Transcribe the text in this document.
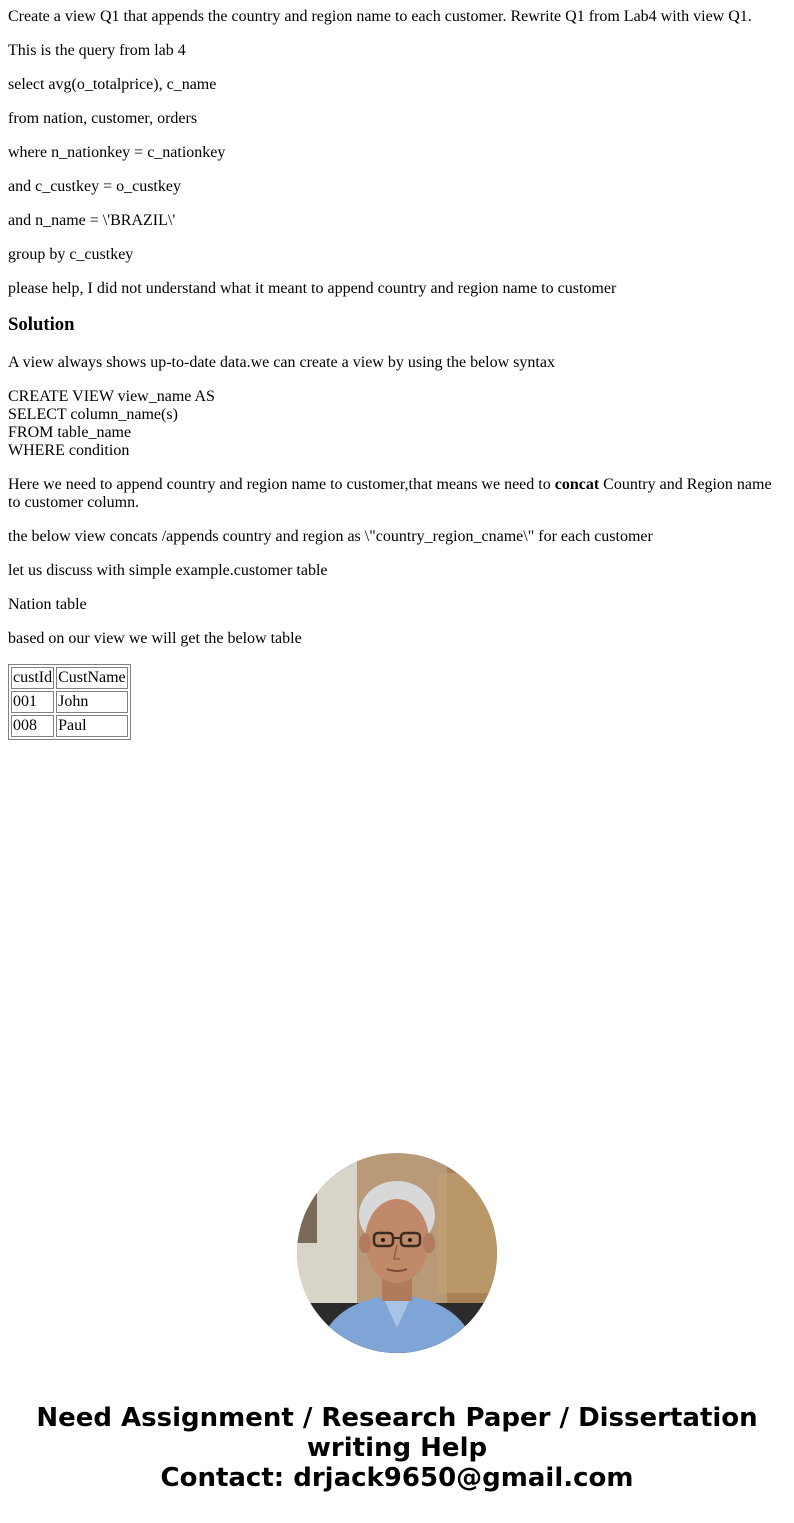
Create a view Q1 that appends the country and region name to each customer. Rewrite Q1 from Lab4 with view Q1.

This is the query from lab 4

select avg(o_totalprice), c_name

from nation, customer, orders

where n_nationkey = c_nationkey

and c_custkey = o_custkey

and n_name = \'BRAZIL\'

group by c_custkey

please help, I did not understand what it meant to append country and region name to customer

Solution

A view always shows up-to-date data.we can create a view by using the below syntax

CREATE VIEW view_name AS
SELECT column_name(s)
FROM table_name
WHERE condition

Here we need to append country and region name to customer,that means we need to concat Country and Region name to customer column.

the below view concats /appends country and region as \"country_region_cname\" for each customer

let us discuss with simple example.customer table

Nation table

based on our view we will get the below table

custId	CustName
001	John
008	Paul
Need Assignment / Research Paper / Dissertation
writing Help
Contact: drjack9650@gmail.com
